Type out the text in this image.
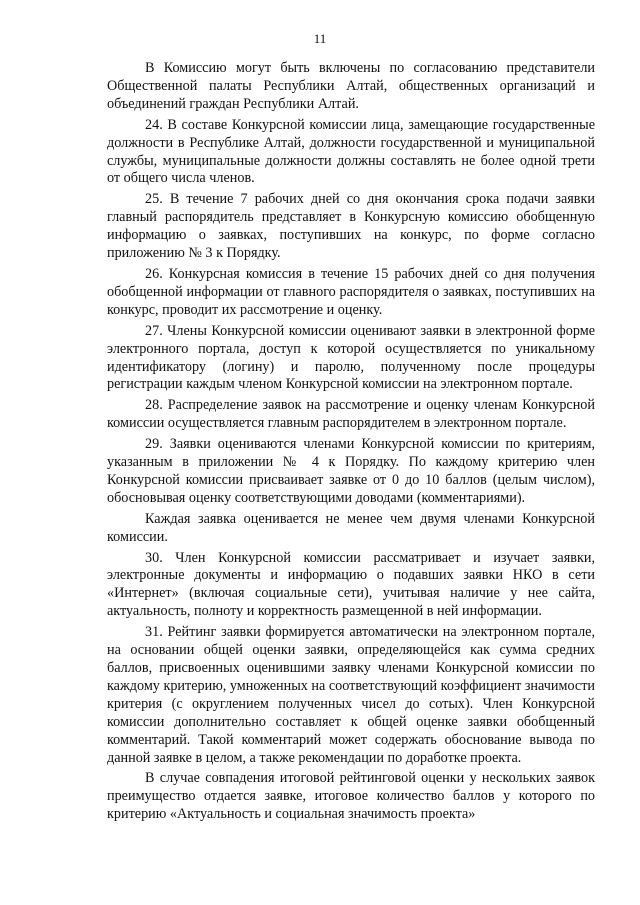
11

В Комиссию могут быть включены по согласованию представители Общественной палаты Республики Алтай, общественных организаций и объединений граждан Республики Алтай.

24. В составе Конкурсной комиссии лица, замещающие государственные должности в Республике Алтай, должности государственной и муниципальной службы, муниципальные должности должны составлять не более одной трети от общего числа членов.

25. В течение 7 рабочих дней со дня окончания срока подачи заявки главный распорядитель представляет в Конкурсную комиссию обобщенную информацию о заявках, поступивших на конкурс, по форме согласно приложению № 3 к Порядку.

26. Конкурсная комиссия в течение 15 рабочих дней со дня получения обобщенной информации от главного распорядителя о заявках, поступивших на конкурс, проводит их рассмотрение и оценку.

27. Члены Конкурсной комиссии оценивают заявки в электронной форме электронного портала, доступ к которой осуществляется по уникальному идентификатору (логину) и паролю, полученному после процедуры регистрации каждым членом Конкурсной комиссии на электронном портале.

28. Распределение заявок на рассмотрение и оценку членам Конкурсной комиссии осуществляется главным распорядителем в электронном портале.

29. Заявки оцениваются членами Конкурсной комиссии по критериям, указанным в приложении № 4 к Порядку. По каждому критерию член Конкурсной комиссии присваивает заявке от 0 до 10 баллов (целым числом), обосновывая оценку соответствующими доводами (комментариями).

Каждая заявка оценивается не менее чем двумя членами Конкурсной комиссии.

30. Член Конкурсной комиссии рассматривает и изучает заявки, электронные документы и информацию о подавших заявки НКО в сети «Интернет» (включая социальные сети), учитывая наличие у нее сайта, актуальность, полноту и корректность размещенной в ней информации.

31. Рейтинг заявки формируется автоматически на электронном портале, на основании общей оценки заявки, определяющейся как сумма средних баллов, присвоенных оценившими заявку членами Конкурсной комиссии по каждому критерию, умноженных на соответствующий коэффициент значимости критерия (с округлением полученных чисел до сотых). Член Конкурсной комиссии дополнительно составляет к общей оценке заявки обобщенный комментарий. Такой комментарий может содержать обоснование вывода по данной заявке в целом, а также рекомендации по доработке проекта.

В случае совпадения итоговой рейтинговой оценки у нескольких заявок преимущество отдается заявке, итоговое количество баллов у которого по критерию «Актуальность и социальная значимость проекта»
